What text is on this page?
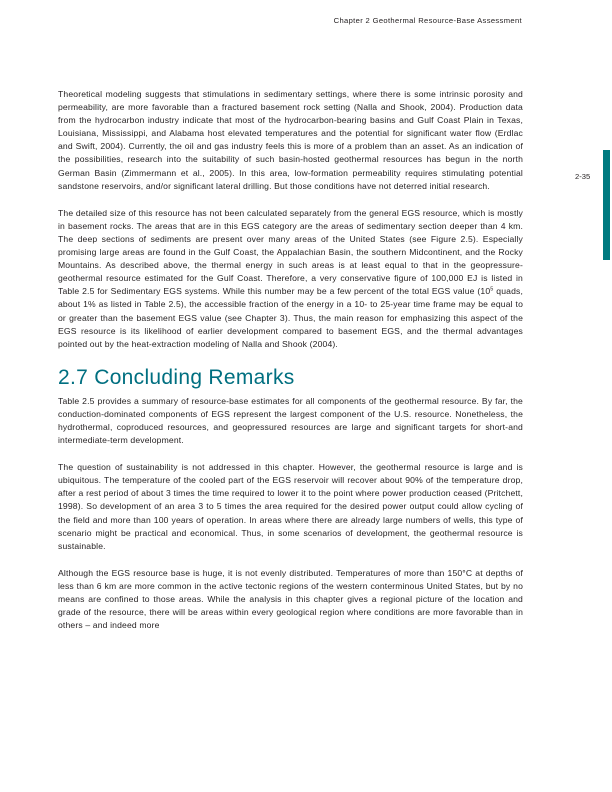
Chapter 2 Geothermal Resource-Base Assessment
2-35

Theoretical modeling suggests that stimulations in sedimentary settings, where there is some intrinsic porosity and permeability, are more favorable than a fractured basement rock setting (Nalla and Shook, 2004). Production data from the hydrocarbon industry indicate that most of the hydrocarbon-bearing basins and Gulf Coast Plain in Texas, Louisiana, Mississippi, and Alabama host elevated temperatures and the potential for significant water flow (Erdlac and Swift, 2004). Currently, the oil and gas industry feels this is more of a problem than an asset. As an indication of the possibilities, research into the suitability of such basin-hosted geothermal resources has begun in the north German Basin (Zimmermann et al., 2005). In this area, low-formation permeability requires stimulating potential sandstone reservoirs, and/or significant lateral drilling. But those conditions have not deterred initial research.

The detailed size of this resource has not been calculated separately from the general EGS resource, which is mostly in basement rocks. The areas that are in this EGS category are the areas of sedimentary section deeper than 4 km. The deep sections of sediments are present over many areas of the United States (see Figure 2.5). Especially promising large areas are found in the Gulf Coast, the Appalachian Basin, the southern Midcontinent, and the Rocky Mountains. As described above, the thermal energy in such areas is at least equal to that in the geopressure-geothermal resource estimated for the Gulf Coast. Therefore, a very conservative figure of 100,000 EJ is listed in Table 2.5 for Sedimentary EGS systems. While this number may be a few percent of the total EGS value ($10^5$ quads, about 1% as listed in Table 2.5), the accessible fraction of the energy in a 10- to 25-year time frame may be equal to or greater than the basement EGS value (see Chapter 3). Thus, the main reason for emphasizing this aspect of the EGS resource is its likelihood of earlier development compared to basement EGS, and the thermal advantages pointed out by the heat-extraction modeling of Nalla and Shook (2004).

2.7 Concluding Remarks

Table 2.5 provides a summary of resource-base estimates for all components of the geothermal resource. By far, the conduction-dominated components of EGS represent the largest component of the U.S. resource. Nonetheless, the hydrothermal, coproduced resources, and geopressured resources are large and significant targets for short-and intermediate-term development.

The question of sustainability is not addressed in this chapter. However, the geothermal resource is large and is ubiquitous. The temperature of the cooled part of the EGS reservoir will recover about 90% of the temperature drop, after a rest period of about 3 times the time required to lower it to the point where power production ceased (Pritchett, 1998). So development of an area 3 to 5 times the area required for the desired power output could allow cycling of the field and more than 100 years of operation. In areas where there are already large numbers of wells, this type of scenario might be practical and economical. Thus, in some scenarios of development, the geothermal resource is sustainable.

Although the EGS resource base is huge, it is not evenly distributed. Temperatures of more than 150°C at depths of less than 6 km are more common in the active tectonic regions of the western conterminous United States, but by no means are confined to those areas. While the analysis in this chapter gives a regional picture of the location and grade of the resource, there will be areas within every geological region where conditions are more favorable than in others – and indeed more
